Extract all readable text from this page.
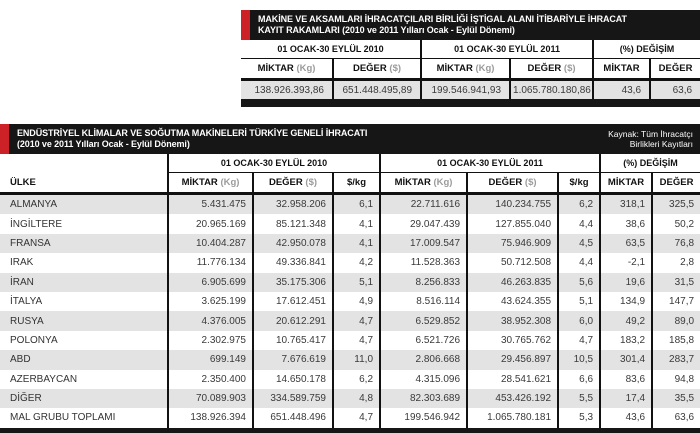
MAKİNE VE AKSAMLARI İHRACATÇILARI BİRLİĞİ İŞTİGAL ALANI İTİBARİYLE İHRACAT
KAYIT RAKAMLARI (2010 ve 2011 Yılları Ocak - Eylül Dönemi)
01 OCAK-30 EYLÜL 2010		01 OCAK-30 EYLÜL 2011		(%) DEĞİŞİM	
MİKTAR (Kg)	DEĞER ($)	MİKTAR (Kg)	DEĞER ($)	MİKTAR	DEĞER
138.926.393,86	651.448.495,89	199.546.941,93	1.065.780.180,86	43,6	63,6
ENDÜSTRİYEL KLİMALAR VE SOĞUTMA MAKİNELERİ TÜRKİYE GENELİ İHRACATI
(2010 ve 2011 Yılları Ocak - Eylül Dönemi)
Kaynak: Tüm İhracatçı
Birlikleri Kayıtları
ÜLKE	01 OCAK-30 EYLÜL 2010			01 OCAK-30 EYLÜL 2011			(%) DEĞİŞİM	
	MİKTAR (Kg)	DEĞER ($)	$/kg	MİKTAR (Kg)	DEĞER ($)	$/kg	MİKTAR	DEĞER
ALMANYA	5.431.475	32.958.206	6,1	22.711.616	140.234.755	6,2	318,1	325,5
İNGİLTERE	20.965.169	85.121.348	4,1	29.047.439	127.855.040	4,4	38,6	50,2
FRANSA	10.404.287	42.950.078	4,1	17.009.547	75.946.909	4,5	63,5	76,8
IRAK	11.776.134	49.336.841	4,2	11.528.363	50.712.508	4,4	-2,1	2,8
İRAN	6.905.699	35.175.306	5,1	8.256.833	46.263.835	5,6	19,6	31,5
İTALYA	3.625.199	17.612.451	4,9	8.516.114	43.624.355	5,1	134,9	147,7
RUSYA	4.376.005	20.612.291	4,7	6.529.852	38.952.308	6,0	49,2	89,0
POLONYA	2.302.975	10.765.417	4,7	6.521.726	30.765.762	4,7	183,2	185,8
ABD	699.149	7.676.619	11,0	2.806.668	29.456.897	10,5	301,4	283,7
AZERBAYCAN	2.350.400	14.650.178	6,2	4.315.096	28.541.621	6,6	83,6	94,8
DİĞER	70.089.903	334.589.759	4,8	82.303.689	453.426.192	5,5	17,4	35,5
MAL GRUBU TOPLAMI	138.926.394	651.448.496	4,7	199.546.942	1.065.780.181	5,3	43,6	63,6
